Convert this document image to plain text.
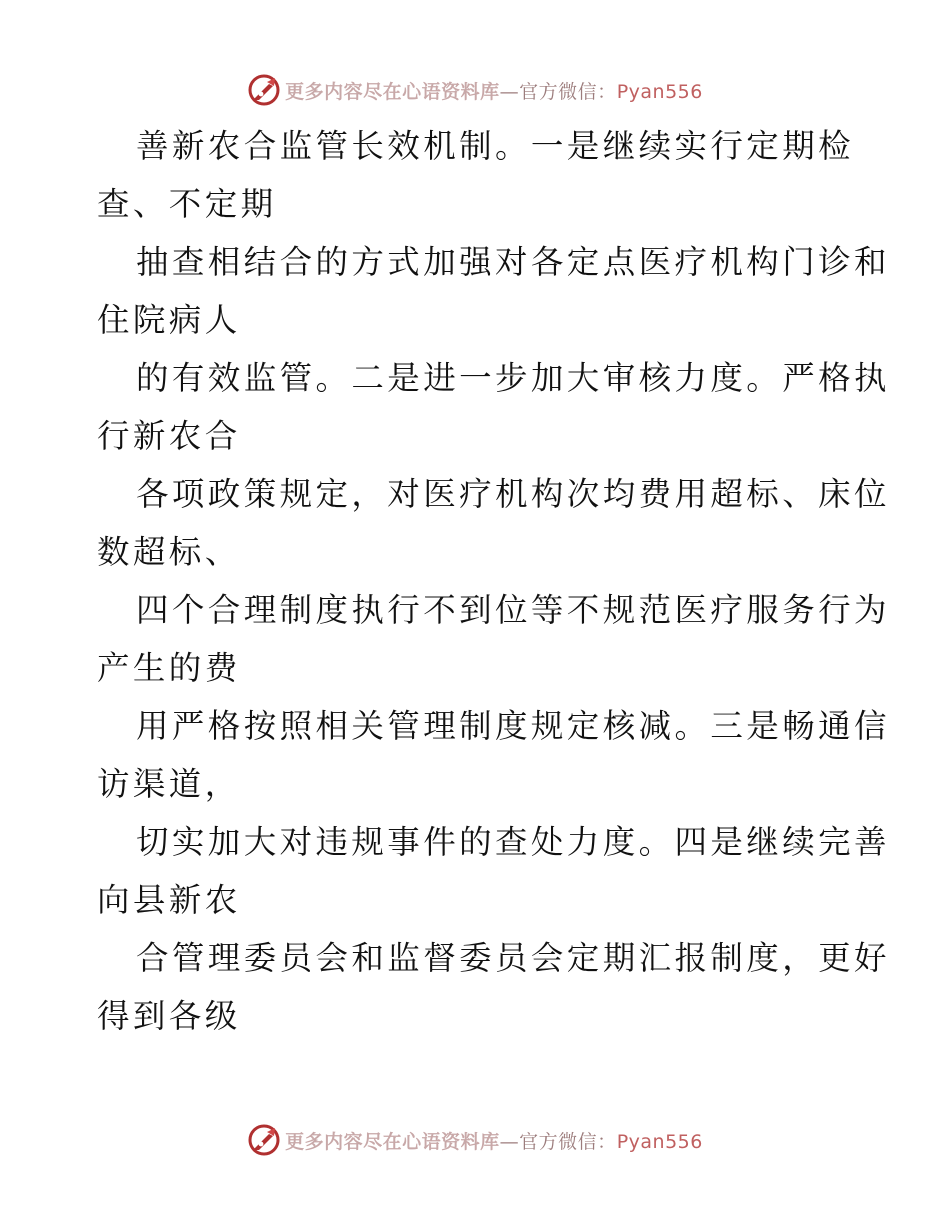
更多内容尽在心语资料库—官方微信：Pyan556
善新农合监管长效机制。一是继续实行定期检
查、不定期
抽查相结合的方式加强对各定点医疗机构门诊和
住院病人
的有效监管。二是进一步加大审核力度。严格执
行新农合
各项政策规定，对医疗机构次均费用超标、床位
数超标、
四个合理制度执行不到位等不规范医疗服务行为
产生的费
用严格按照相关管理制度规定核减。三是畅通信
访渠道，
切实加大对违规事件的查处力度。四是继续完善
向县新农
合管理委员会和监督委员会定期汇报制度，更好
得到各级
更多内容尽在心语资料库—官方微信：Pyan556
